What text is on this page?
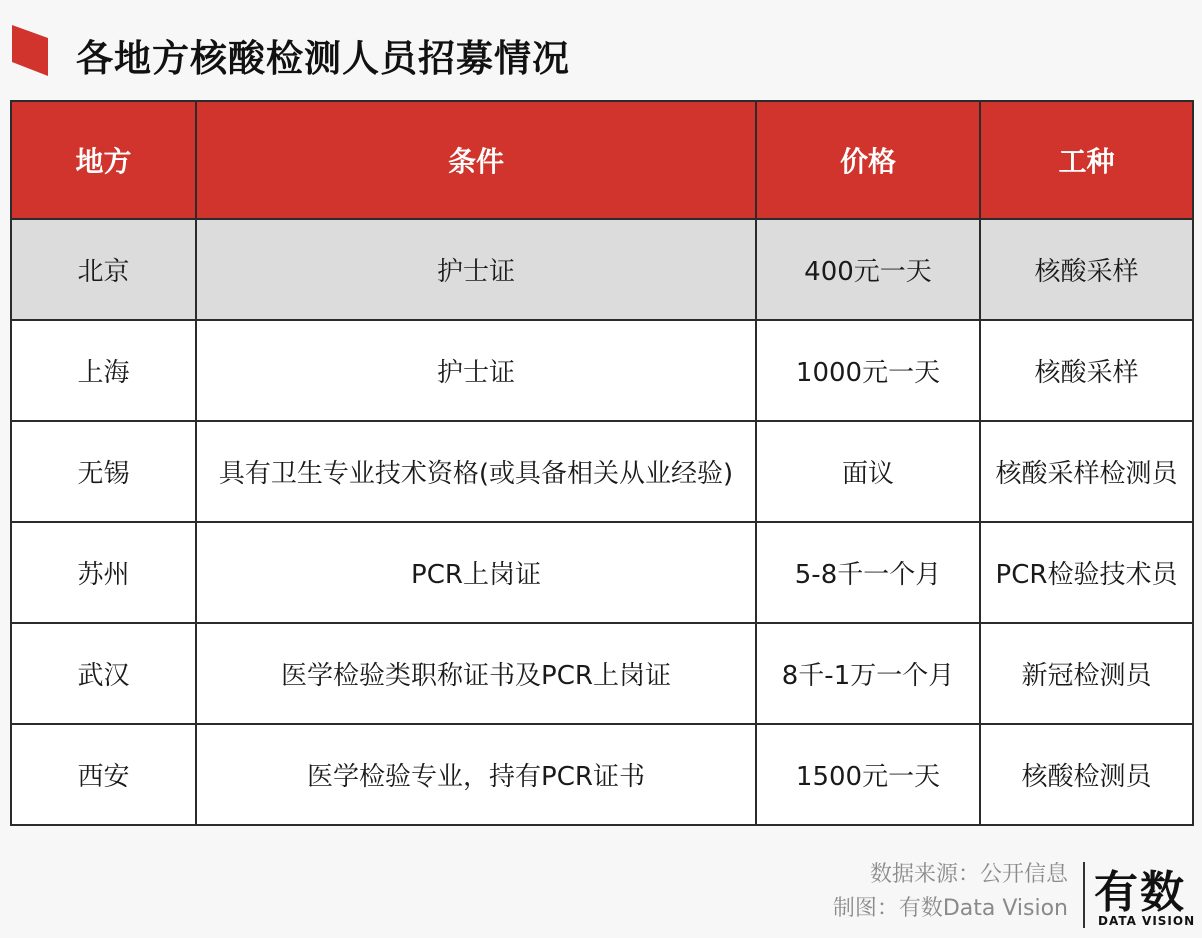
各地方核酸检测人员招募情况
地方	条件	价格	工种
北京	护士证	400元一天	核酸采样
上海	护士证	1000元一天	核酸采样
无锡	具有卫生专业技术资格(或具备相关从业经验)	面议	核酸采样检测员
苏州	PCR上岗证	5-8千一个月	PCR检验技术员
武汉	医学检验类职称证书及PCR上岗证	8千-1万一个月	新冠检测员
西安	医学检验专业，持有PCR证书	1500元一天	核酸检测员
数据来源：公开信息
制图：有数Data Vision 有数
DATA VISION
